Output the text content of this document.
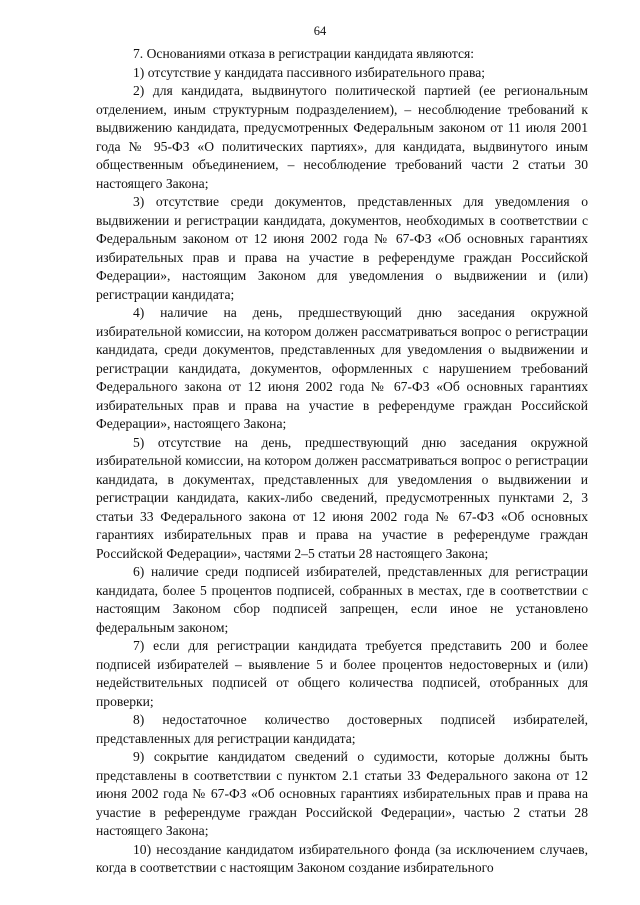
64

7. Основаниями отказа в регистрации кандидата являются:

1) отсутствие у кандидата пассивного избирательного права;

2) для кандидата, выдвинутого политической партией (ее региональным отделением, иным структурным подразделением), – несоблюдение требований к выдвижению кандидата, предусмотренных Федеральным законом от 11 июля 2001 года № 95-ФЗ «О политических партиях», для кандидата, выдвинутого иным общественным объединением, – несоблюдение требований части 2 статьи 30 настоящего Закона;

3) отсутствие среди документов, представленных для уведомления о выдвижении и регистрации кандидата, документов, необходимых в соответствии с Федеральным законом от 12 июня 2002 года № 67-ФЗ «Об основных гарантиях избирательных прав и права на участие в референдуме граждан Российской Федерации», настоящим Законом для уведомления о выдвижении и (или) регистрации кандидата;

4) наличие на день, предшествующий дню заседания окружной избирательной комиссии, на котором должен рассматриваться вопрос о регистрации кандидата, среди документов, представленных для уведомления о выдвижении и регистрации кандидата, документов, оформленных с нарушением требований Федерального закона от 12 июня 2002 года № 67-ФЗ «Об основных гарантиях избирательных прав и права на участие в референдуме граждан Российской Федерации», настоящего Закона;

5) отсутствие на день, предшествующий дню заседания окружной избирательной комиссии, на котором должен рассматриваться вопрос о регистрации кандидата, в документах, представленных для уведомления о выдвижении и регистрации кандидата, каких-либо сведений, предусмотренных пунктами 2, 3 статьи 33 Федерального закона от 12 июня 2002 года № 67-ФЗ «Об основных гарантиях избирательных прав и права на участие в референдуме граждан Российской Федерации», частями 2–5 статьи 28 настоящего Закона;

6) наличие среди подписей избирателей, представленных для регистрации кандидата, более 5 процентов подписей, собранных в местах, где в соответствии с настоящим Законом сбор подписей запрещен, если иное не установлено федеральным законом;

7) если для регистрации кандидата требуется представить 200 и более подписей избирателей – выявление 5 и более процентов недостоверных и (или) недействительных подписей от общего количества подписей, отобранных для проверки;

8) недостаточное количество достоверных подписей избирателей, представленных для регистрации кандидата;

9) сокрытие кандидатом сведений о судимости, которые должны быть представлены в соответствии с пунктом 2.1 статьи 33 Федерального закона от 12 июня 2002 года № 67-ФЗ «Об основных гарантиях избирательных прав и права на участие в референдуме граждан Российской Федерации», частью 2 статьи 28 настоящего Закона;

10) несоздание кандидатом избирательного фонда (за исключением случаев, когда в соответствии с настоящим Законом создание избирательного
